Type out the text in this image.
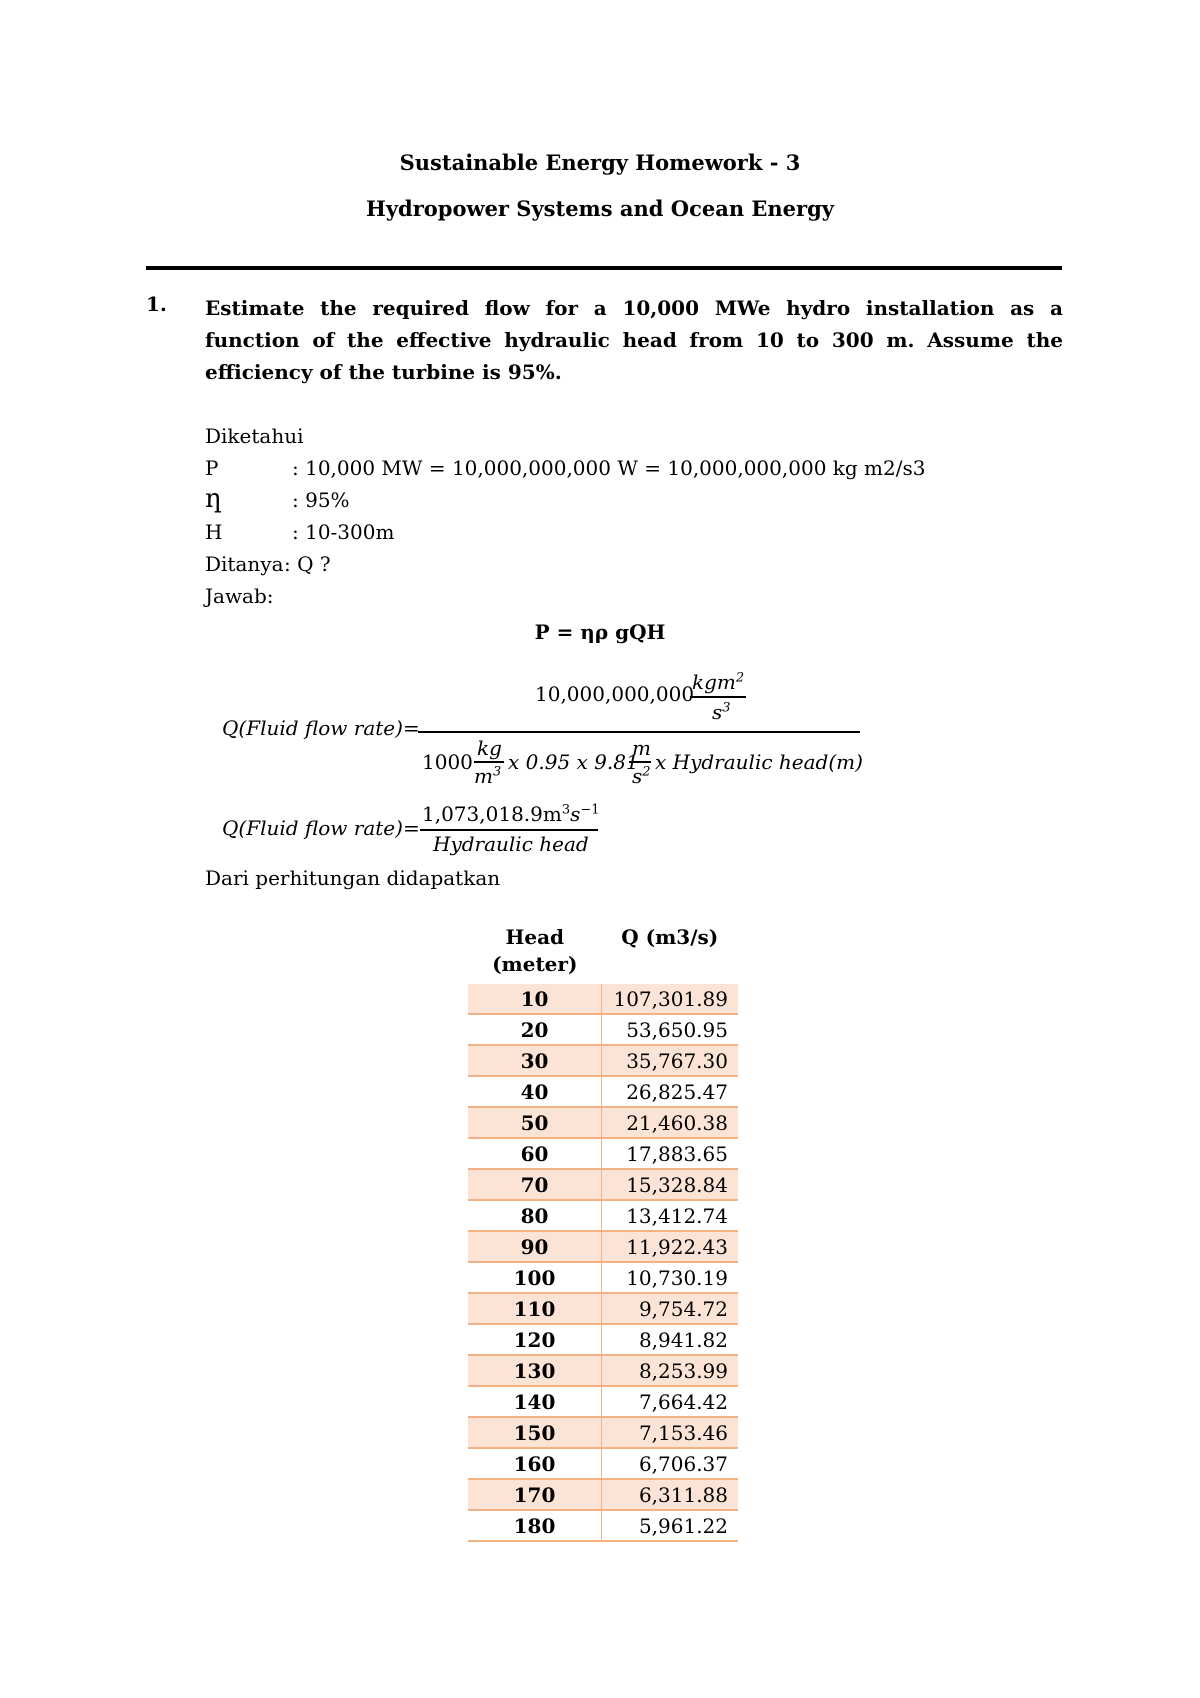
Sustainable Energy Homework - 3
Hydropower Systems and Ocean Energy
1. Estimate the required flow for a 10,000 MWe hydro installation as a function of the effective hydraulic head from 10 to 300 m. Assume the efficiency of the turbine is 95%.
Diketahui
P	: 10,000 MW = 10,000,000,000 W = 10,000,000,000 kg m2/s3
ƞ	: 95%
H	: 10-300m
Ditanya : Q ?
Jawab:
P = ηρ gQH
Q(Fluid flow rate)=
10,000,000,000
kgm$^2$
$s^3$
1000
kg
$m^3$ x 0.95 x 9.81
m
$s^2$ x Hydraulic head(m)
Q(Fluid flow rate)=
$1,073,018.9m^3s^{-1}$
Hydraulic head
Dari perhitungan didapatkan
Head (meter)	Q (m3/s)
10	107,301.89
20	53,650.95
30	35,767.30
40	26,825.47
50	21,460.38
60	17,883.65
70	15,328.84
80	13,412.74
90	11,922.43
100	10,730.19
110	9,754.72
120	8,941.82
130	8,253.99
140	7,664.42
150	7,153.46
160	6,706.37
170	6,311.88
180	5,961.22
